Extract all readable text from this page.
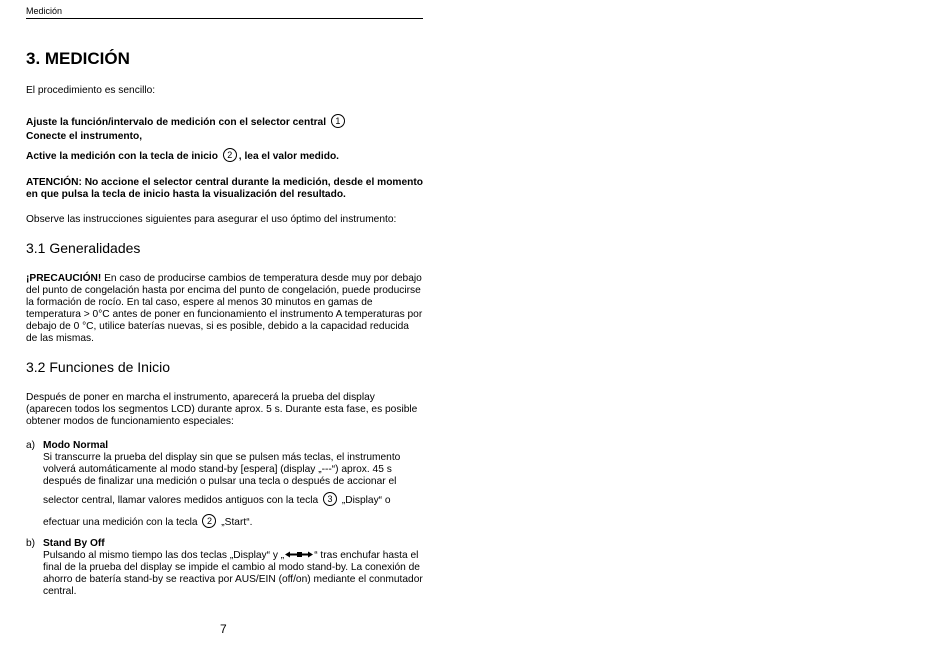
Medición
3. MEDICIÓN
El procedimiento es sencillo:
Ajuste la función/intervalo de medición con el selector central 1
Conecte el instrumento,
Active la medición con la tecla de inicio 2 , lea el valor medido.
ATENCIÓN: No accione el selector central durante la medición, desde el momento en que pulsa la tecla de inicio hasta la visualización del resultado.
Observe las instrucciones siguientes para asegurar el uso óptimo del instrumento:
3.1 Generalidades
¡PRECAUCIÓN! En caso de producirse cambios de temperatura desde muy por debajo del punto de congelación hasta por encima del punto de congelación, puede producirse la formación de rocío. En tal caso, espere al menos 30 minutos en gamas de temperatura > 0°C antes de poner en funcionamiento el instrumento A temperaturas por debajo de 0 °C, utilice baterías nuevas, si es posible, debido a la capacidad reducida de las mismas.
3.2 Funciones de Inicio
Después de poner en marcha el instrumento, aparecerá la prueba del display (aparecen todos los segmentos LCD) durante aprox. 5 s. Durante esta fase, es posible obtener modos de funcionamiento especiales:
a) Modo Normal
Si transcurre la prueba del display sin que se pulsen más teclas, el instrumento volverá automáticamente al modo stand-by [espera] (display „---“) aprox. 45 s después de finalizar una medición o pulsar una tecla o después de accionar el
selector central, llamar valores medidos antiguos con la tecla 3 „Display“ o
efectuar una medición con la tecla 2 „Start“.
b) Stand By Off
Pulsando al mismo tiempo las dos teclas „Display“ y „	“ tras enchufar hasta el final de la prueba del display se impide el cambio al modo stand-by. La conexión de ahorro de batería stand-by se reactiva por AUS/EIN (off/on) mediante el conmutador central.
7
